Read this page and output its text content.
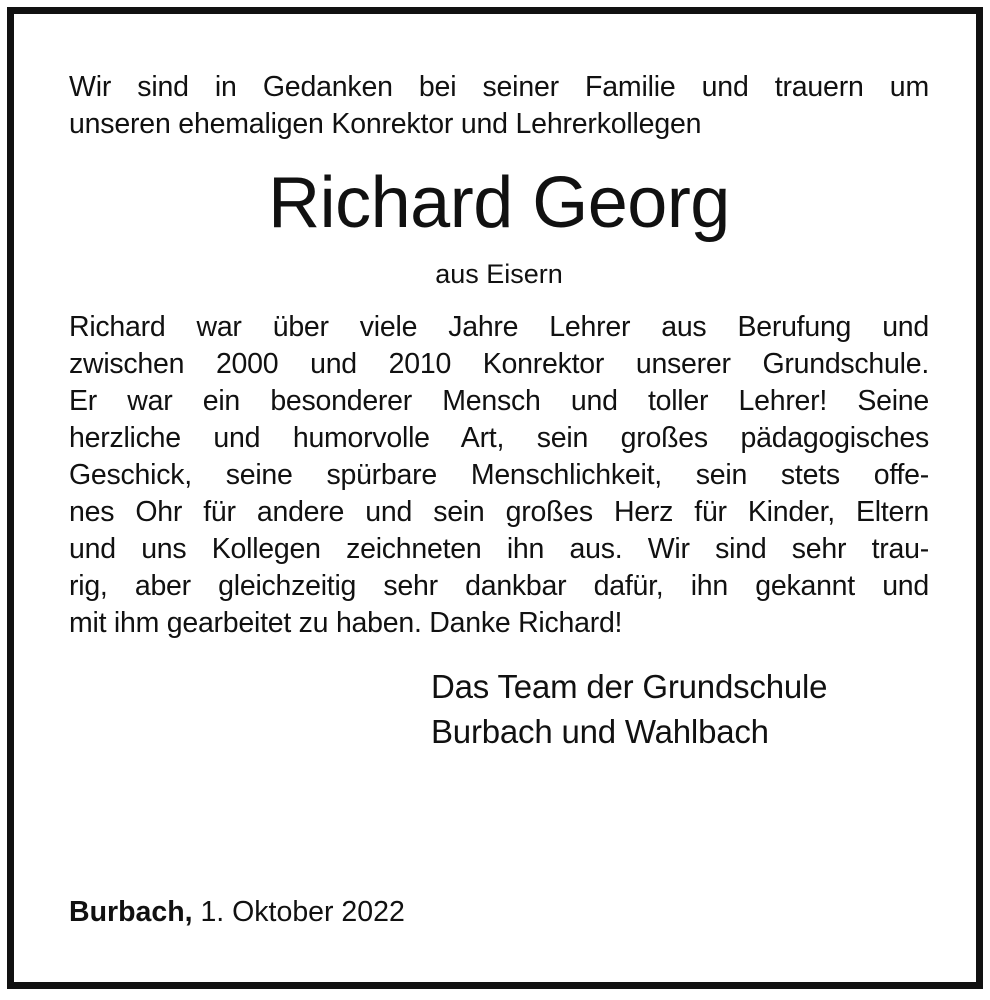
Wir sind in Gedanken bei seiner Familie und trauern um
unseren ehemaligen Konrektor und Lehrerkollegen

Richard Georg

aus Eisern

Richard war über viele Jahre Lehrer aus Berufung und
zwischen 2000 und 2010 Konrektor unserer Grundschule.
Er war ein besonderer Mensch und toller Lehrer! Seine
herzliche und humorvolle Art, sein großes pädagogisches
Geschick, seine spürbare Menschlichkeit, sein stets offe-
nes Ohr für andere und sein großes Herz für Kinder, Eltern
und uns Kollegen zeichneten ihn aus. Wir sind sehr trau-
rig, aber gleichzeitig sehr dankbar dafür, ihn gekannt und
mit ihm gearbeitet zu haben. Danke Richard!

Das Team der Grundschule
Burbach und Wahlbach
Burbach, 1. Oktober 2022
